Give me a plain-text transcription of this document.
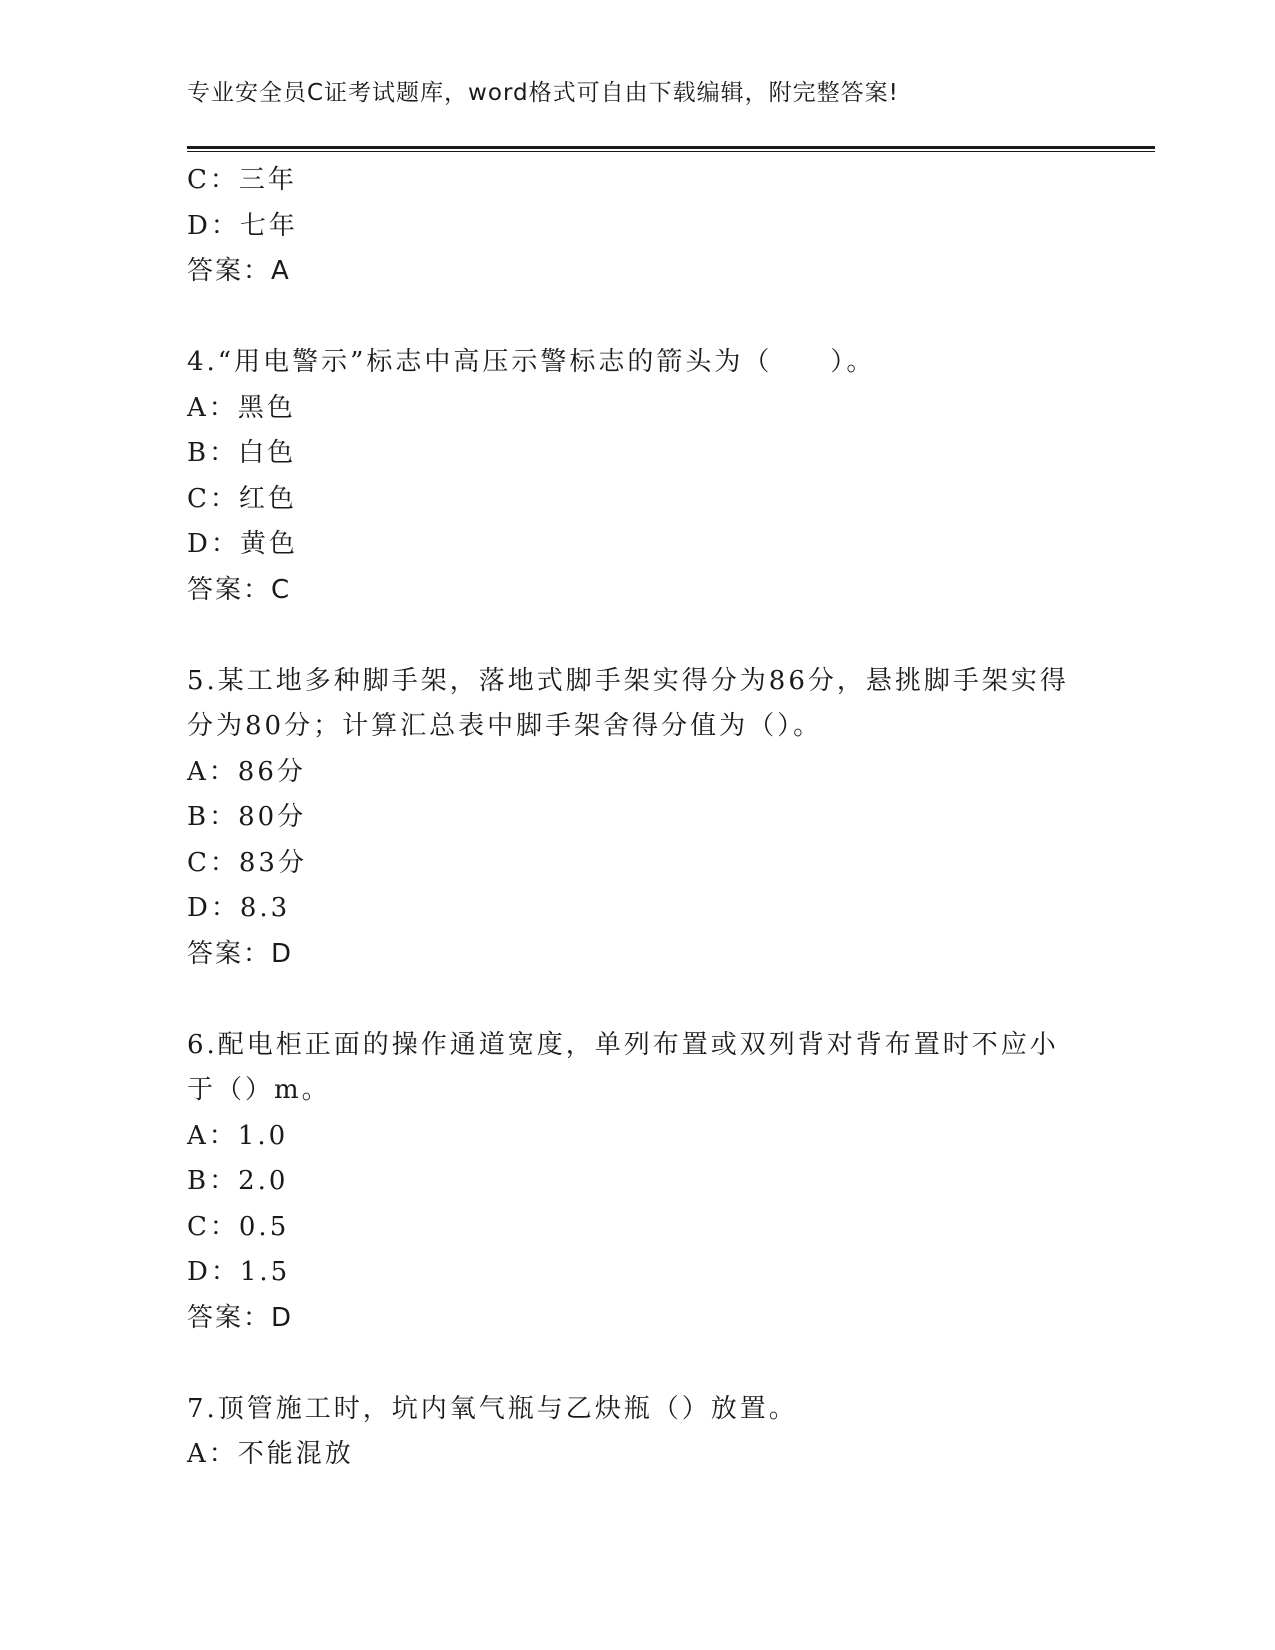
专业安全员C证考试题库，word格式可自由下载编辑，附完整答案!
C：三年
D：七年
答案：A
4.“用电警示”标志中高压示警标志的箭头为（　　）。
A：黑色
B：白色
C：红色
D：黄色
答案：C
5.某工地多种脚手架，落地式脚手架实得分为86分，悬挑脚手架实得
分为80分；计算汇总表中脚手架舍得分值为（）。
A：86分
B：80分
C：83分
D：8.3
答案：D
6.配电柜正面的操作通道宽度，单列布置或双列背对背布置时不应小
于（）m。
A：1.0
B：2.0
C：0.5
D：1.5
答案：D
7.顶管施工时，坑内氧气瓶与乙炔瓶（）放置。
A：不能混放
